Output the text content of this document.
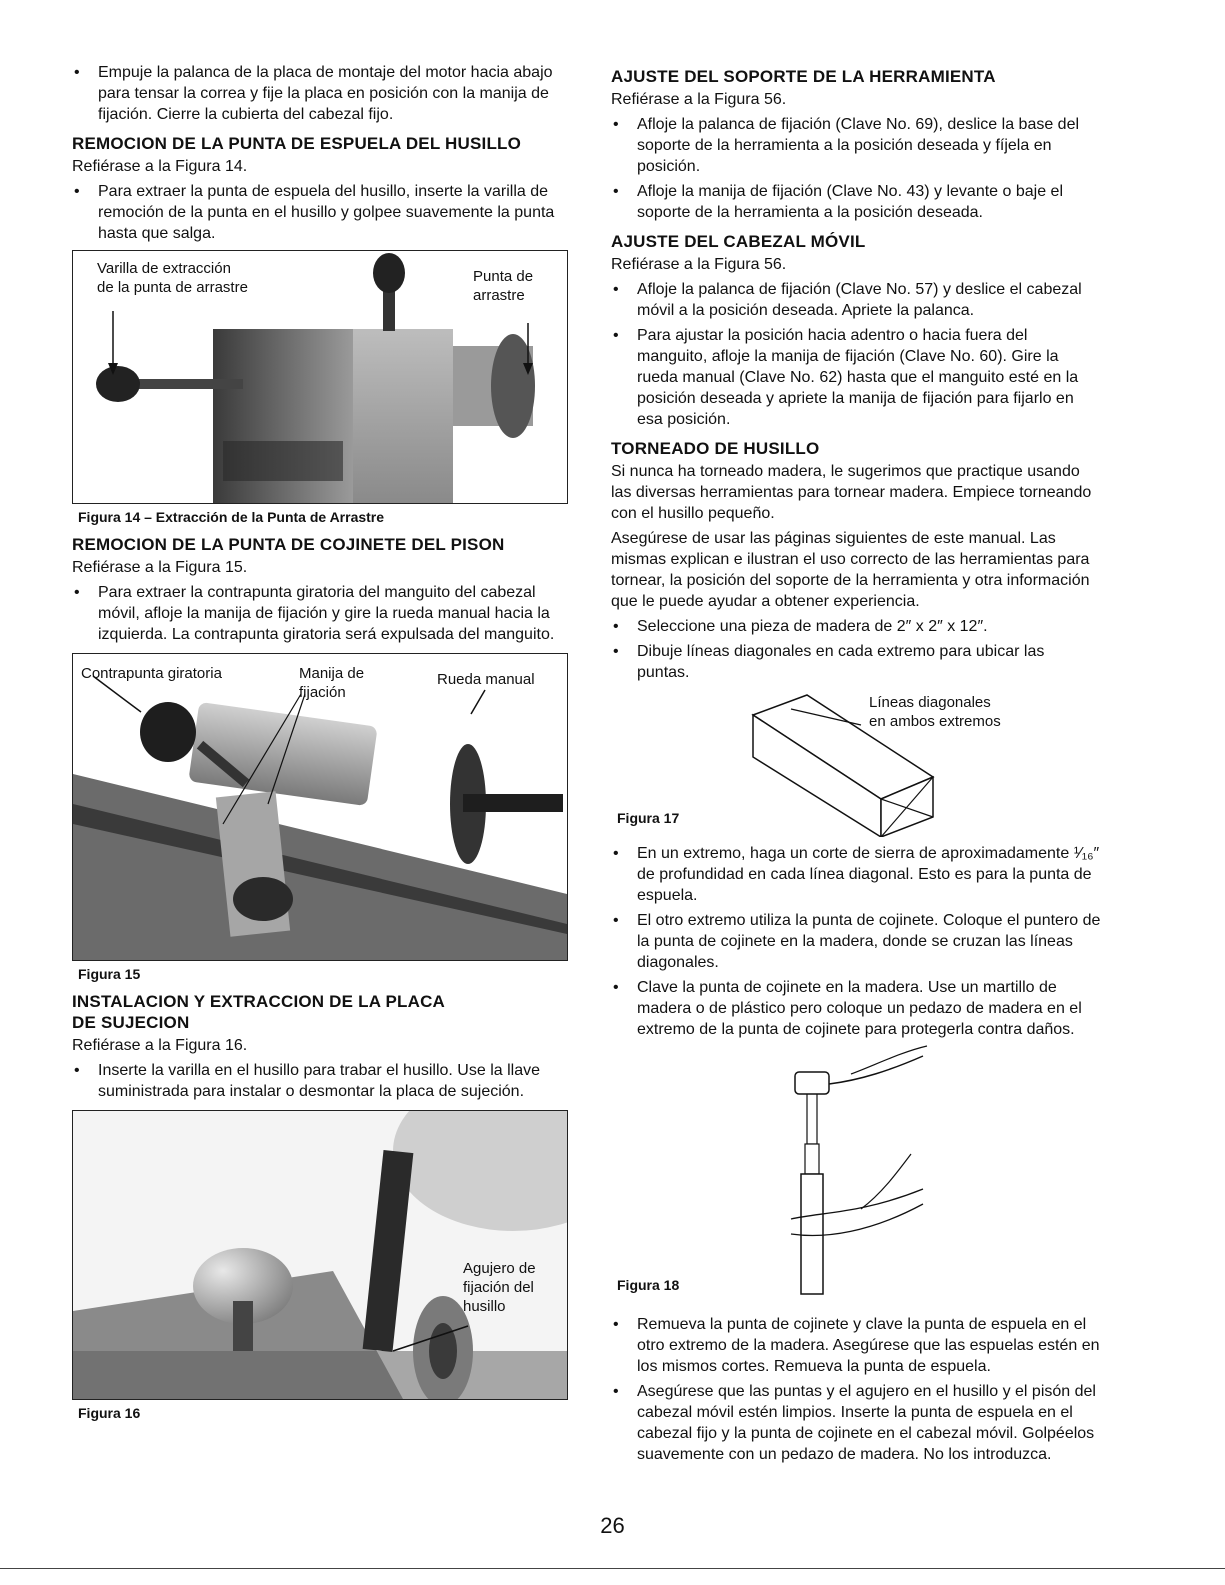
• Empuje la palanca de la placa de montaje del motor hacia abajo para tensar la correa y fije la placa en posición con la manija de fijación. Cierre la cubierta del cabezal fijo.

REMOCION DE LA PUNTA DE ESPUELA DEL HUSILLO

Refiérase a la Figura 14.

• Para extraer la punta de espuela del husillo, inserte la varilla de remoción de la punta en el husillo y golpee suavemente la punta hasta que salga.

Varilla de extracción
de la punta de arrastre
Punta de
arrastre
Figura 14 – Extracción de la Punta de Arrastre
REMOCION DE LA PUNTA DE COJINETE DEL PISON

Refiérase a la Figura 15.

• Para extraer la contrapunta giratoria del manguito del cabezal móvil, afloje la manija de fijación y gire la rueda manual hacia la izquierda. La contrapunta giratoria será expulsada del manguito.

Contrapunta giratoria	Manija de
fijación
Rueda manual
Figura 15
INSTALACION Y EXTRACCION DE LA PLACA
DE SUJECION

Refiérase a la Figura 16.

• Inserte la varilla en el husillo para trabar el husillo. Use la llave suministrada para instalar o desmontar la placa de sujeción.

Agujero de
fijación del
husillo
Figura 16
AJUSTE DEL SOPORTE DE LA HERRAMIENTA

Refiérase a la Figura 56.

• Afloje la palanca de fijación (Clave No. 69), deslice la base del soporte de la herramienta a la posición deseada y fíjela en posición.

• Afloje la manija de fijación (Clave No. 43) y levante o baje el soporte de la herramienta a la posición deseada.

AJUSTE DEL CABEZAL MÓVIL

Refiérase a la Figura 56.

• Afloje la palanca de fijación (Clave No. 57) y deslice el cabezal móvil a la posición deseada. Apriete la palanca.

• Para ajustar la posición hacia adentro o hacia fuera del manguito, afloje la manija de fijación (Clave No. 60). Gire la rueda manual (Clave No. 62) hasta que el manguito esté en la posición deseada y apriete la manija de fijación para fijarlo en esa posición.

TORNEADO DE HUSILLO

Si nunca ha torneado madera, le sugerimos que practique usando las diversas herramientas para tornear madera. Empiece torneando con el husillo pequeño.

Asegúrese de usar las páginas siguientes de este manual. Las mismas explican e ilustran el uso correcto de las herramientas para tornear, la posición del soporte de la herramienta y otra información que le puede ayudar a obtener experiencia.

• Seleccione una pieza de madera de 2″ x 2″ x 12″.

• Dibuje líneas diagonales en cada extremo para ubicar las puntas.

Líneas diagonales
en ambos extremos
Figura 17

• En un extremo, haga un corte de sierra de aproximadamente ¹⁄₁₆″ de profundidad en cada línea diagonal. Esto es para la punta de espuela.

• El otro extremo utiliza la punta de cojinete. Coloque el puntero de la punta de cojinete en la madera, donde se cruzan las líneas diagonales.

• Clave la punta de cojinete en la madera. Use un martillo de madera o de plástico pero coloque un pedazo de madera en el extremo de la punta de cojinete para protegerla contra daños.

Figura 18

• Remueva la punta de cojinete y clave la punta de espuela en el otro extremo de la madera. Asegúrese que las espuelas estén en los mismos cortes. Remueva la punta de espuela.

• Asegúrese que las puntas y el agujero en el husillo y el pisón del cabezal móvil estén limpios. Inserte la punta de espuela en el cabezal fijo y la punta de cojinete en el cabezal móvil. Golpéelos suavemente con un pedazo de madera. No los introduzca.

26
